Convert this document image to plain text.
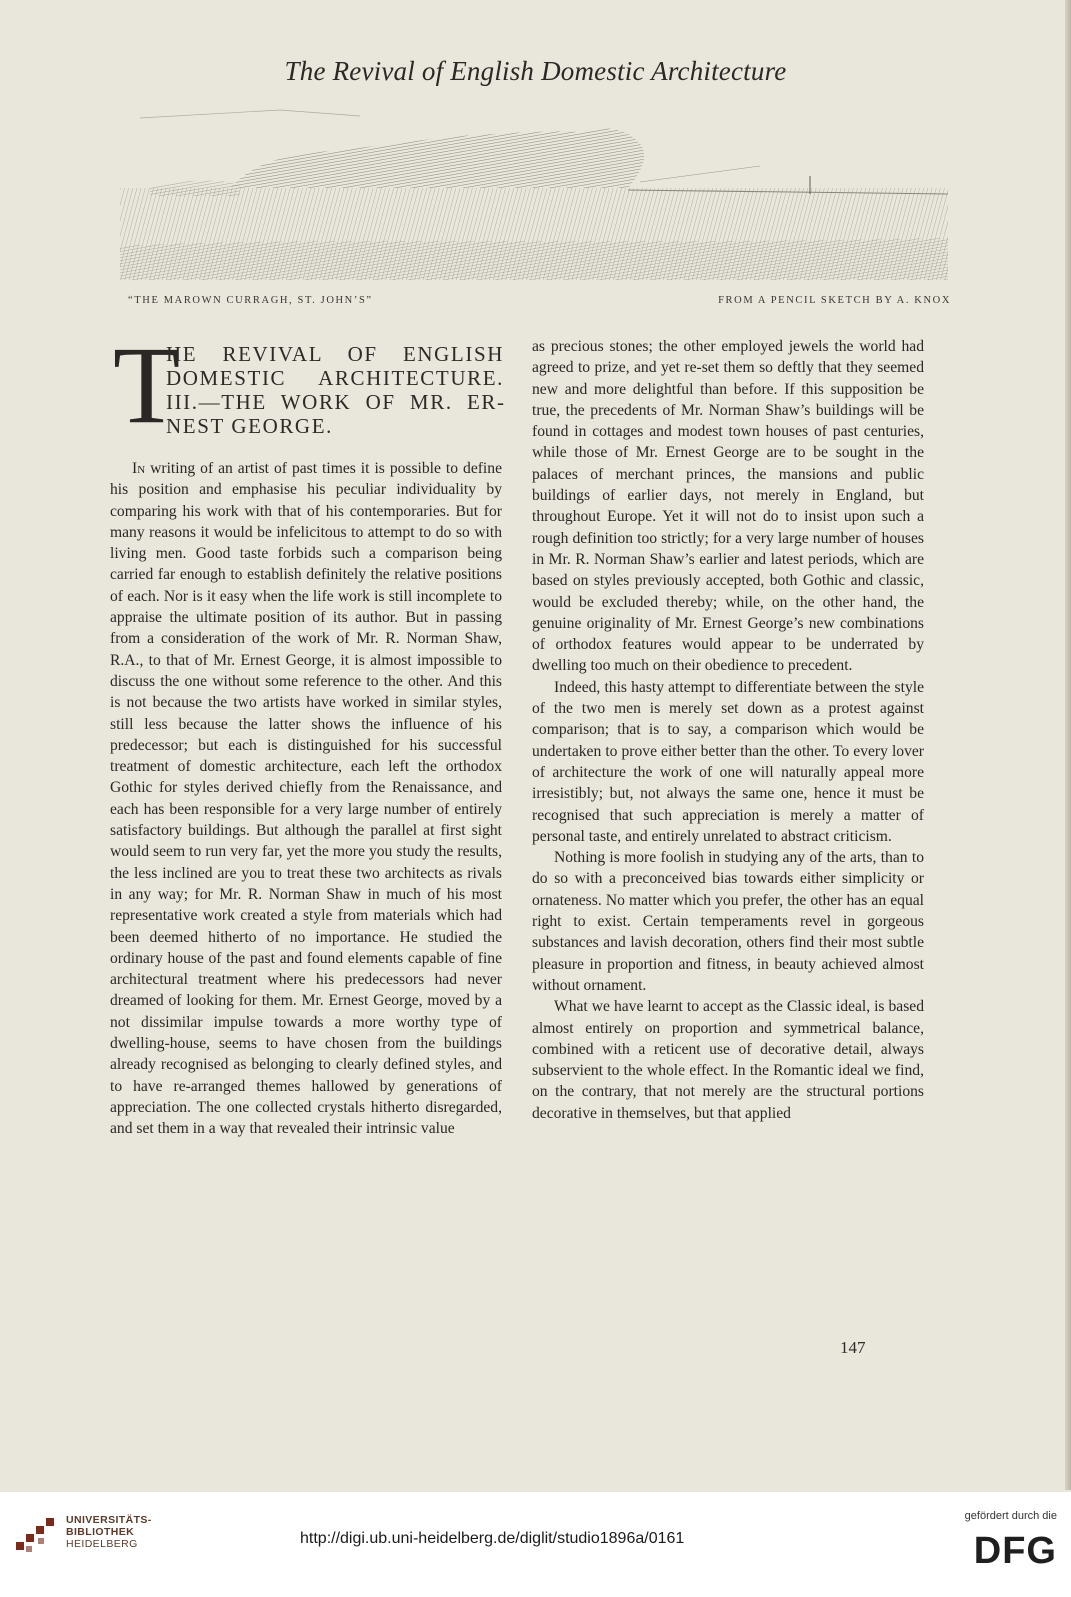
The Revival of English Domestic Architecture
“THE MAROWN CURRAGH, ST. JOHN’S”	FROM A PENCIL SKETCH BY A. KNOX
T
HE REVIVAL OF ENGLISH DOMESTIC ARCHITECTURE. III.—THE WORK OF MR. ERNEST GEORGE.

In writing of an artist of past times it is possible to define his position and emphasise his peculiar individuality by comparing his work with that of his contemporaries. But for many reasons it would be infelicitous to attempt to do so with living men. Good taste forbids such a comparison being carried far enough to establish definitely the relative positions of each. Nor is it easy when the life work is still incomplete to appraise the ultimate position of its author. But in passing from a consideration of the work of Mr. R. Norman Shaw, R.A., to that of Mr. Ernest George, it is almost impossible to discuss the one without some reference to the other. And this is not because the two artists have worked in similar styles, still less because the latter shows the influence of his predecessor; but each is distinguished for his successful treatment of domestic architecture, each left the orthodox Gothic for styles derived chiefly from the Renaissance, and each has been responsible for a very large number of entirely satisfactory buildings. But although the parallel at first sight would seem to run very far, yet the more you study the results, the less inclined are you to treat these two architects as rivals in any way; for Mr. R. Norman Shaw in much of his most representative work created a style from materials which had been deemed hitherto of no importance. He studied the ordinary house of the past and found elements capable of fine architectural treatment where his predecessors had never dreamed of looking for them. Mr. Ernest George, moved by a not dissimilar impulse towards a more worthy type of dwelling-house, seems to have chosen from the buildings already recognised as belonging to clearly defined styles, and to have re-arranged themes hallowed by generations of appreciation. The one collected crystals hitherto disregarded, and set them in a way that revealed their intrinsic value

as precious stones; the other employed jewels the world had agreed to prize, and yet re-set them so deftly that they seemed new and more delightful than before. If this supposition be true, the precedents of Mr. Norman Shaw’s buildings will be found in cottages and modest town houses of past centuries, while those of Mr. Ernest George are to be sought in the palaces of merchant princes, the mansions and public buildings of earlier days, not merely in England, but throughout Europe. Yet it will not do to insist upon such a rough definition too strictly; for a very large number of houses in Mr. R. Norman Shaw’s earlier and latest periods, which are based on styles previously accepted, both Gothic and classic, would be excluded thereby; while, on the other hand, the genuine originality of Mr. Ernest George’s new combinations of orthodox features would appear to be underrated by dwelling too much on their obedience to precedent.

Indeed, this hasty attempt to differentiate between the style of the two men is merely set down as a protest against comparison; that is to say, a comparison which would be undertaken to prove either better than the other. To every lover of architecture the work of one will naturally appeal more irresistibly; but, not always the same one, hence it must be recognised that such appreciation is merely a matter of personal taste, and entirely unrelated to abstract criticism.

Nothing is more foolish in studying any of the arts, than to do so with a preconceived bias towards either simplicity or ornateness. No matter which you prefer, the other has an equal right to exist. Certain temperaments revel in gorgeous substances and lavish decoration, others find their most subtle pleasure in proportion and fitness, in beauty achieved almost without ornament.

What we have learnt to accept as the Classic ideal, is based almost entirely on proportion and symmetrical balance, combined with a reticent use of decorative detail, always subservient to the whole effect. In the Romantic ideal we find, on the contrary, that not merely are the structural portions decorative in themselves, but that applied

147
UNIVERSITÄTS-
BIBLIOTHEK
HEIDELBERG	http://digi.ub.uni-heidelberg.de/diglit/studio1896a/0161
gefördert durch die
DFG
